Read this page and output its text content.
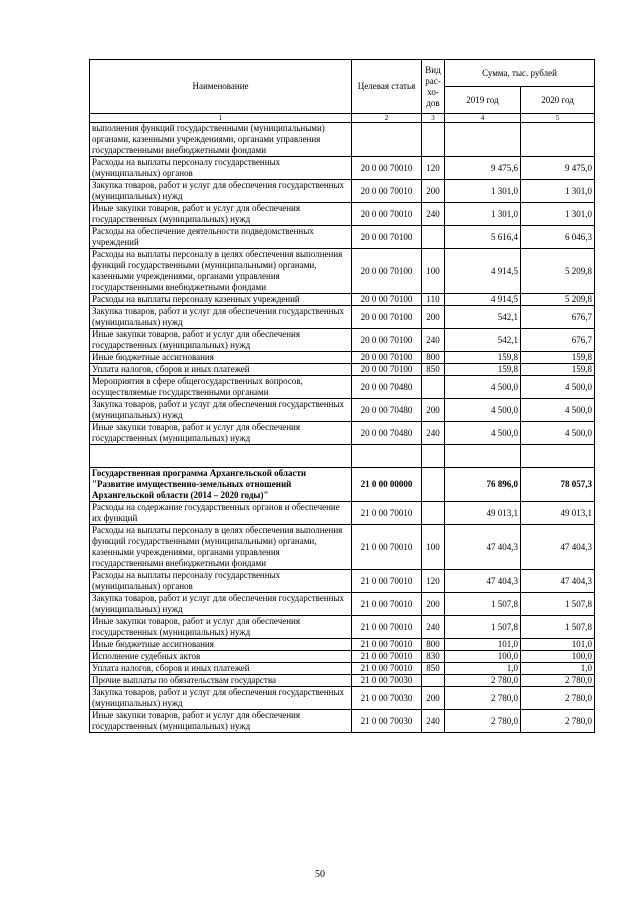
Наименование	Целевая статья	Вид
рас-
хо-
дов	Сумма, тыс. рублей	
			2019 год	2020 год
1	2	3	4	5
выполнения функций государственными (муниципальными) органами, казенными учреждениями, органами управления государственными внебюджетными фондами				
Расходы на выплаты персоналу государственных (муниципальных) органов	20 0 00 70010	120	9 475,6	9 475,0
Закупка товаров, работ и услуг для обеспечения государственных (муниципальных) нужд	20 0 00 70010	200	1 301,0	1 301,0
Иные закупки товаров, работ и услуг для обеспечения государственных (муниципальных) нужд	20 0 00 70010	240	1 301,0	1 301,0
Расходы на обеспечение деятельности подведомственных учреждений	20 0 00 70100		5 616,4	6 046,3
Расходы на выплаты персоналу в целях обеспечения выполнения функций государственными (муниципальными) органами, казенными учреждениями, органами управления государственными внебюджетными фондами	20 0 00 70100	100	4 914,5	5 209,8
Расходы на выплаты персоналу казенных учреждений	20 0 00 70100	110	4 914,5	5 209,8
Закупка товаров, работ и услуг для обеспечения государственных (муниципальных) нужд	20 0 00 70100	200	542,1	676,7
Иные закупки товаров, работ и услуг для обеспечения государственных (муниципальных) нужд	20 0 00 70100	240	542,1	676,7
Иные бюджетные ассигнования	20 0 00 70100	800	159,8	159,8
Уплата налогов, сборов и иных платежей	20 0 00 70100	850	159,8	159,8
Мероприятия в сфере общегосударственных вопросов, осуществляемые государственными органами	20 0 00 70480		4 500,0	4 500,0
Закупка товаров, работ и услуг для обеспечения государственных (муниципальных) нужд	20 0 00 70480	200	4 500,0	4 500,0
Иные закупки товаров, работ и услуг для обеспечения государственных (муниципальных) нужд	20 0 00 70480	240	4 500,0	4 500,0

Государственная программа Архангельской области "Развитие имущественно-земельных отношений Архангельской области (2014 – 2020 годы)"	21 0 00 00000		76 896,0	78 057,3
Расходы на содержание государственных органов и обеспечение их функций	21 0 00 70010		49 013,1	49 013,1
Расходы на выплаты персоналу в целях обеспечения выполнения функций государственными (муниципальными) органами, казенными учреждениями, органами управления государственными внебюджетными фондами	21 0 00 70010	100	47 404,3	47 404,3
Расходы на выплаты персоналу государственных (муниципальных) органов	21 0 00 70010	120	47 404,3	47 404,3
Закупка товаров, работ и услуг для обеспечения государственных (муниципальных) нужд	21 0 00 70010	200	1 507,8	1 507,8
Иные закупки товаров, работ и услуг для обеспечения государственных (муниципальных) нужд	21 0 00 70010	240	1 507,8	1 507,8
Иные бюджетные ассигнования	21 0 00 70010	800	101,0	101,0
Исполнение судебных актов	21 0 00 70010	830	100,0	100,0
Уплата налогов, сборов и иных платежей	21 0 00 70010	850	1,0	1,0
Прочие выплаты по обязательствам государства	21 0 00 70030		2 780,0	2 780,0
Закупка товаров, работ и услуг для обеспечения государственных (муниципальных) нужд	21 0 00 70030	200	2 780,0	2 780,0
Иные закупки товаров, работ и услуг для обеспечения государственных (муниципальных) нужд	21 0 00 70030	240	2 780,0	2 780,0
50
